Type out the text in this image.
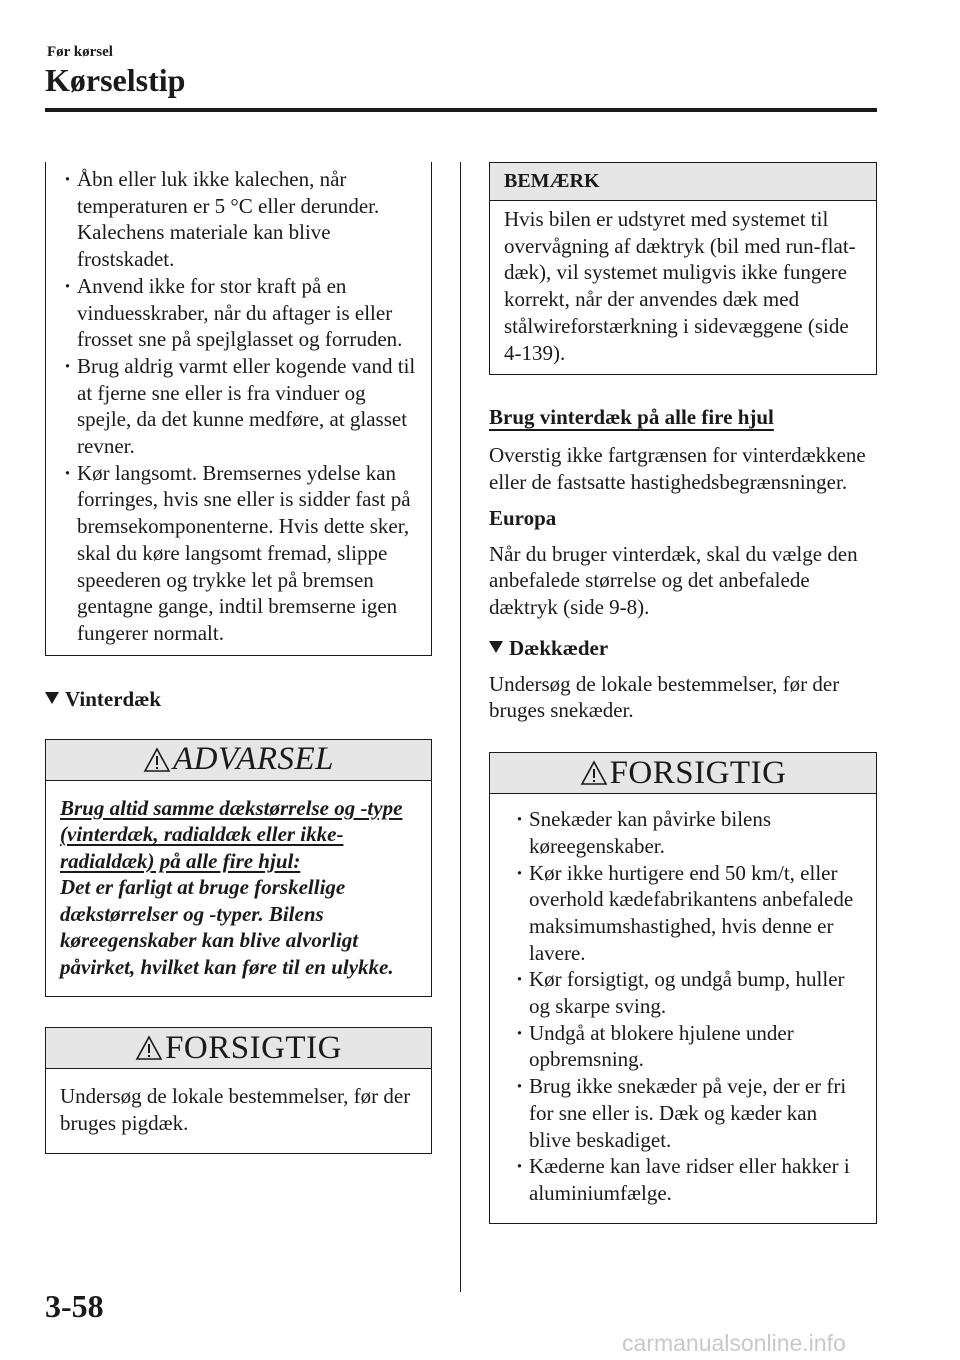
Før kørsel
Kørselstip
· Åbn eller luk ikke kalechen, når temperaturen er 5 °C eller derunder. Kalechens materiale kan blive frostskadet.
· Anvend ikke for stor kraft på en vinduesskraber, når du aftager is eller frosset sne på spejlglasset og forruden.
· Brug aldrig varmt eller kogende vand til at fjerne sne eller is fra vinduer og spejle, da det kunne medføre, at glasset revner.
· Kør langsomt. Bremsernes ydelse kan forringes, hvis sne eller is sidder fast på bremsekomponenterne. Hvis dette sker, skal du køre langsomt fremad, slippe speederen og trykke let på bremsen gentagne gange, indtil bremserne igen fungerer normalt.
Vinterdæk
ADVARSEL
Brug altid samme dækstørrelse og -type (vinterdæk, radialdæk eller ikke-radialdæk) på alle fire hjul:
Det er farligt at bruge forskellige dækstørrelser og -typer. Bilens køreegenskaber kan blive alvorligt påvirket, hvilket kan føre til en ulykke.
FORSIGTIG
Undersøg de lokale bestemmelser, før der bruges pigdæk.
BEMÆRK
Hvis bilen er udstyret med systemet til overvågning af dæktryk (bil med run-flat-dæk), vil systemet muligvis ikke fungere korrekt, når der anvendes dæk med stålwireforstærkning i sidevæggene (side 4-139).
Brug vinterdæk på alle fire hjul
Overstig ikke fartgrænsen for vinterdækkene eller de fastsatte hastighedsbegrænsninger.
Europa
Når du bruger vinterdæk, skal du vælge den anbefalede størrelse og det anbefalede dæktryk (side 9-8).
Dækkæder
Undersøg de lokale bestemmelser, før der bruges snekæder.
FORSIGTIG
· Snekæder kan påvirke bilens køreegenskaber.
· Kør ikke hurtigere end 50 km/t, eller overhold kædefabrikantens anbefalede maksimumshastighed, hvis denne er lavere.
· Kør forsigtigt, og undgå bump, huller og skarpe sving.
· Undgå at blokere hjulene under opbremsning.
· Brug ikke snekæder på veje, der er fri for sne eller is. Dæk og kæder kan blive beskadiget.
· Kæderne kan lave ridser eller hakker i aluminiumfælge.
3-58
carmanualsonline.info
